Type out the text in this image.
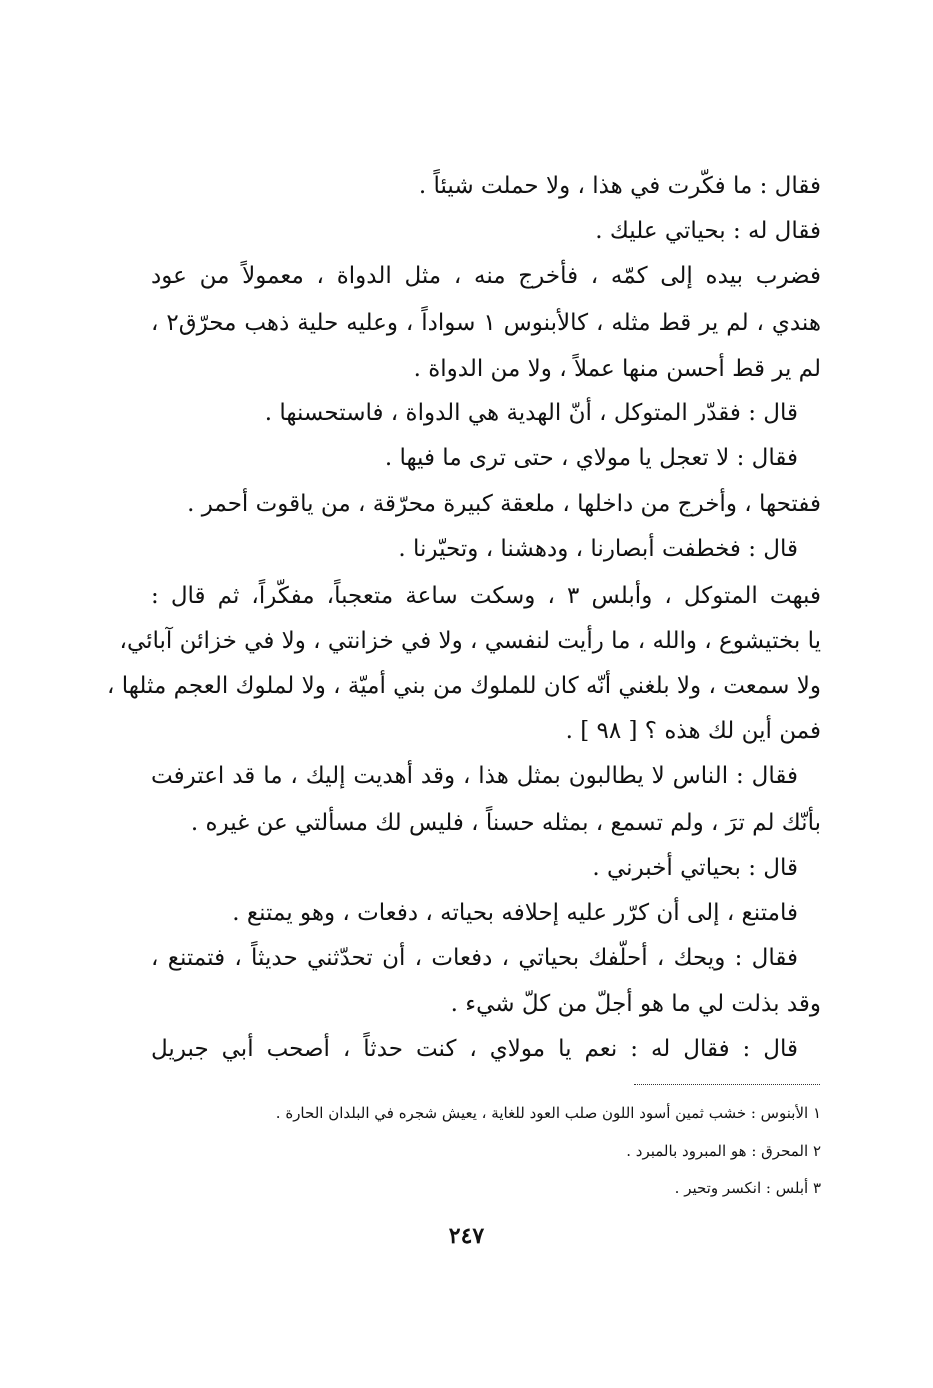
فقال : ما فكّرت في هذا ، ولا حملت شيئاً .
فقال له : بحياتي عليك .
فضرب بيده إلى كمّه ، فأخرج منه ، مثل الدواة ، معمولاً من عود
هندي ، لم ير قط مثله ، كالأبنوس ١ سواداً ، وعليه حلية ذهب محرّق٢ ،
لم ير قط أحسن منها عملاً ، ولا من الدواة .
قال : فقدّر المتوكل ، أنّ الهدية هي الدواة ، فاستحسنها .
فقال : لا تعجل يا مولاي ، حتى ترى ما فيها .
ففتحها ، وأخرج من داخلها ، ملعقة كبيرة محرّقة ، من ياقوت أحمر .
قال : فخطفت أبصارنا ، ودهشنا ، وتحيّرنا .
فبهت المتوكل ، وأبلس ٣ ، وسكت ساعة متعجباً، مفكّراً، ثم قال :
يا بختيشوع ، والله ، ما رأيت لنفسي ، ولا في خزانتي ، ولا في خزائن آبائي،
ولا سمعت ، ولا بلغني أنّه كان للملوك من بني أميّة ، ولا لملوك العجم مثلها ،
فمن أين لك هذه ؟ [ ٩٨ ] .
فقال : الناس لا يطالبون بمثل هذا ، وقد أهديت إليك ، ما قد اعترفت
بأنّك لم ترَ ، ولم تسمع ، بمثله حسناً ، فليس لك مسألتي عن غيره .
قال : بحياتي أخبرني .
فامتنع ، إلى أن كرّر عليه إحلافه بحياته ، دفعات ، وهو يمتنع .
فقال : ويحك ، أحلّفك بحياتي ، دفعات ، أن تحدّثني حديثاً ، فتمتنع ،
وقد بذلت لي ما هو أجلّ من كلّ شيء .
قال : فقال له : نعم يا مولاي ، كنت حدثاً ، أصحب أبي جبريل
١ الأبنوس : خشب ثمين أسود اللون صلب العود للغاية ، يعيش شجره في البلدان الحارة .
٢ المحرق : هو المبرود بالمبرد .
٣ أبلس : انكسر وتحير .
٢٤٧
